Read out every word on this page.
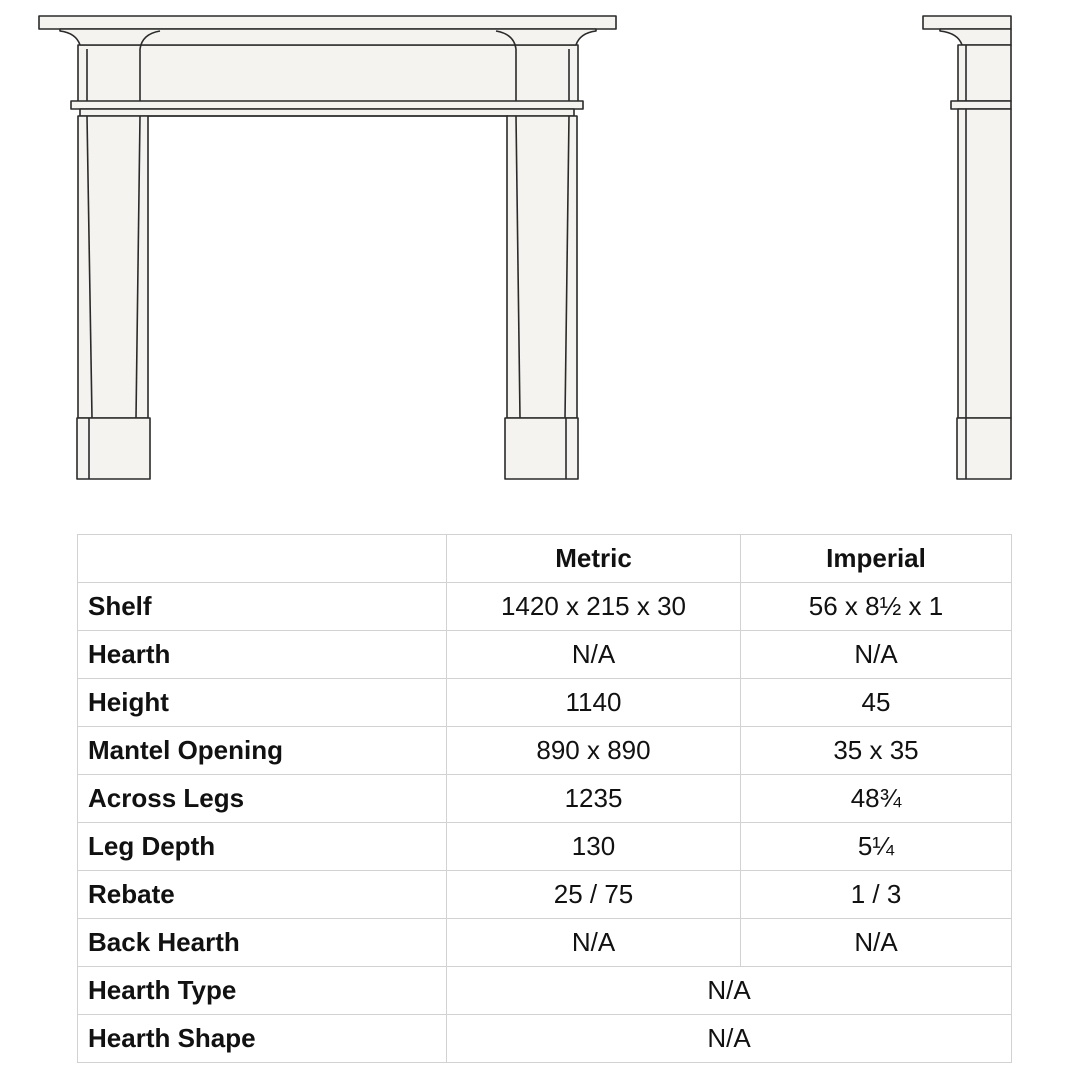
	Metric	Imperial
Shelf	1420 x 215 x 30	56 x 8½ x 1
Hearth	N/A	N/A
Height	1140	45
Mantel Opening	890 x 890	35 x 35
Across Legs	1235	48¾
Leg Depth	130	5¼
Rebate	25 / 75	1 / 3
Back Hearth	N/A	N/A
Hearth Type	N/A	
Hearth Shape	N/A	
